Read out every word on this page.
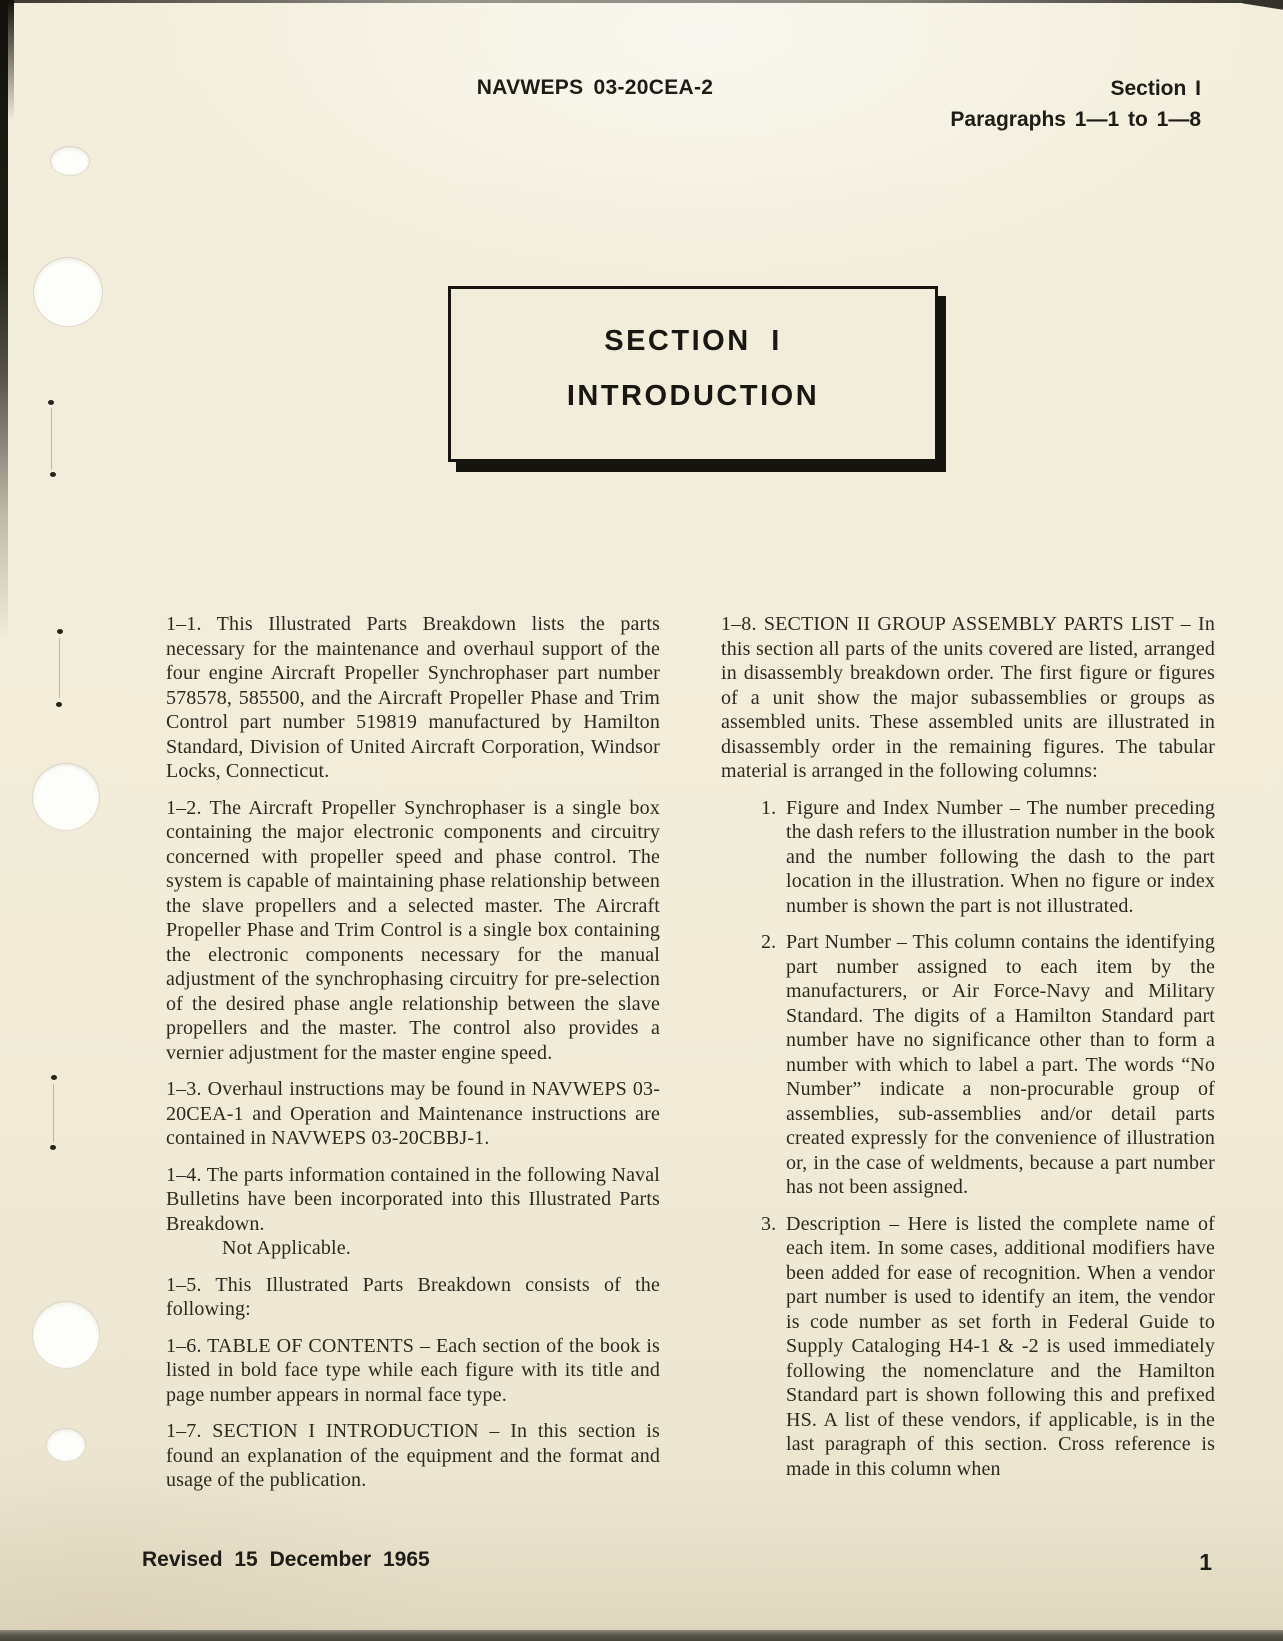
NAVWEPS 03-20CEA-2	Section I
Paragraphs 1—1 to 1—8
SECTION I
INTRODUCTION

1–1. This Illustrated Parts Breakdown lists the parts necessary for the maintenance and overhaul support of the four engine Aircraft Propeller Synchrophaser part number 578578, 585500, and the Aircraft Propeller Phase and Trim Control part number 519819 manufactured by Hamilton Standard, Division of United Aircraft Corporation, Windsor Locks, Connecticut.

1–2. The Aircraft Propeller Synchrophaser is a single box containing the major electronic components and circuitry concerned with propeller speed and phase control. The system is capable of maintaining phase relationship between the slave propellers and a selected master. The Aircraft Propeller Phase and Trim Control is a single box containing the electronic components necessary for the manual adjustment of the synchrophasing circuitry for pre-selection of the desired phase angle relationship between the slave propellers and the master. The control also provides a vernier adjustment for the master engine speed.

1–3. Overhaul instructions may be found in NAVWEPS 03-20CEA-1 and Operation and Maintenance instructions are contained in NAVWEPS 03-20CBBJ-1.

1–4. The parts information contained in the following Naval Bulletins have been incorporated into this Illustrated Parts Breakdown.

Not Applicable.

1–5. This Illustrated Parts Breakdown consists of the following:

1–6. TABLE OF CONTENTS – Each section of the book is listed in bold face type while each figure with its title and page number appears in normal face type.

1–7. SECTION I INTRODUCTION – In this section is found an explanation of the equipment and the format and usage of the publication.

1–8. SECTION II GROUP ASSEMBLY PARTS LIST – In this section all parts of the units covered are listed, arranged in disassembly breakdown order. The first figure or figures of a unit show the major subassemblies or groups as assembled units. These assembled units are illustrated in disassembly order in the remaining figures. The tabular material is arranged in the following columns:

1. Figure and Index Number – The number preceding the dash refers to the illustration number in the book and the number following the dash to the part location in the illustration. When no figure or index number is shown the part is not illustrated.
2. Part Number – This column contains the identifying part number assigned to each item by the manufacturers, or Air Force-Navy and Military Standard. The digits of a Hamilton Standard part number have no significance other than to form a number with which to label a part. The words “No Number” indicate a non-procurable group of assemblies, sub-assemblies and/or detail parts created expressly for the convenience of illustration or, in the case of weldments, because a part number has not been assigned.
3. Description – Here is listed the complete name of each item. In some cases, additional modifiers have been added for ease of recognition. When a vendor part number is used to identify an item, the vendor is code number as set forth in Federal Guide to Supply Cataloging H4-1 & -2 is used immediately following the nomenclature and the Hamilton Standard part is shown following this and prefixed HS. A list of these vendors, if applicable, is in the last paragraph of this section. Cross reference is made in this column when
Revised 15 December 1965	1
